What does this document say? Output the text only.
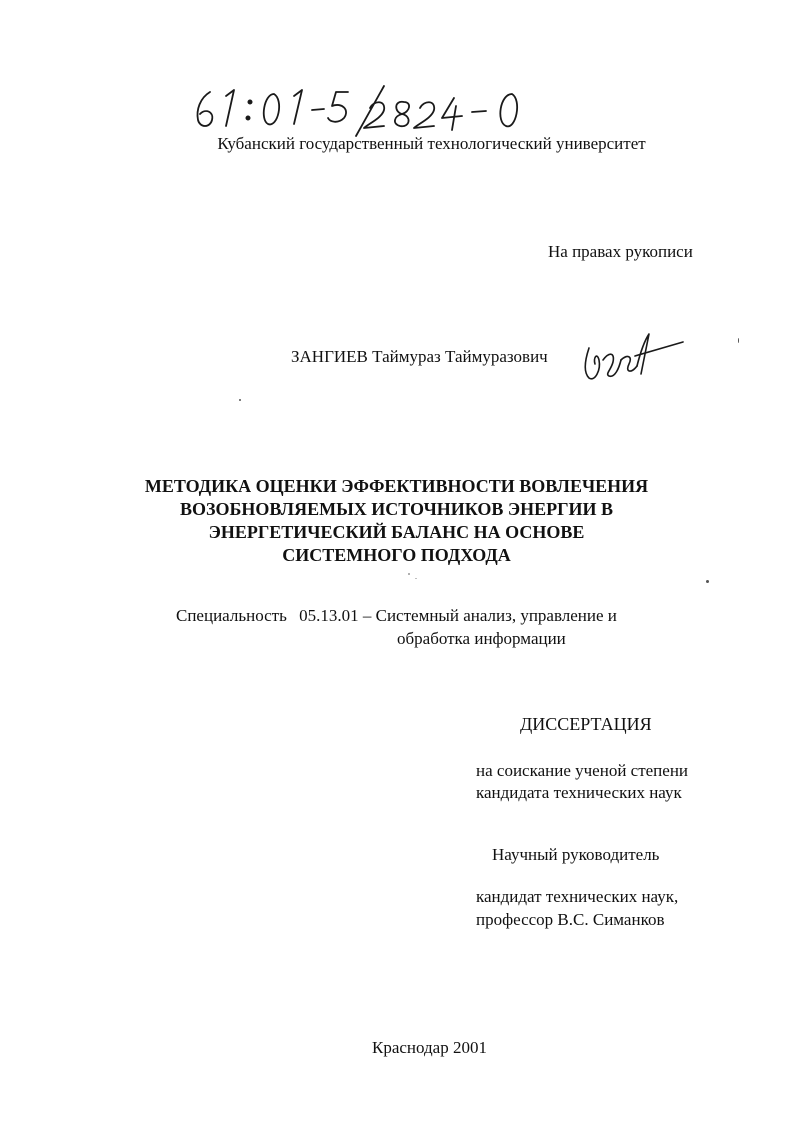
Кубанский государственный технологический университет
На правах рукописи
ЗАНГИЕВ Таймураз Таймуразович
МЕТОДИКА ОЦЕНКИ ЭФФЕКТИВНОСТИ ВОВЛЕЧЕНИЯ
ВОЗОБНОВЛЯЕМЫХ ИСТОЧНИКОВ ЭНЕРГИИ В
ЭНЕРГЕТИЧЕСКИЙ БАЛАНС НА ОСНОВЕ
СИСТЕМНОГО ПОДХОДА
Специальность 05.13.01 – Системный анализ, управление и
обработка информации
ДИССЕРТАЦИЯ
на соискание ученой степени
кандидата технических наук
Научный руководитель
кандидат технических наук,
профессор В.С. Симанков
Краснодар 2001
